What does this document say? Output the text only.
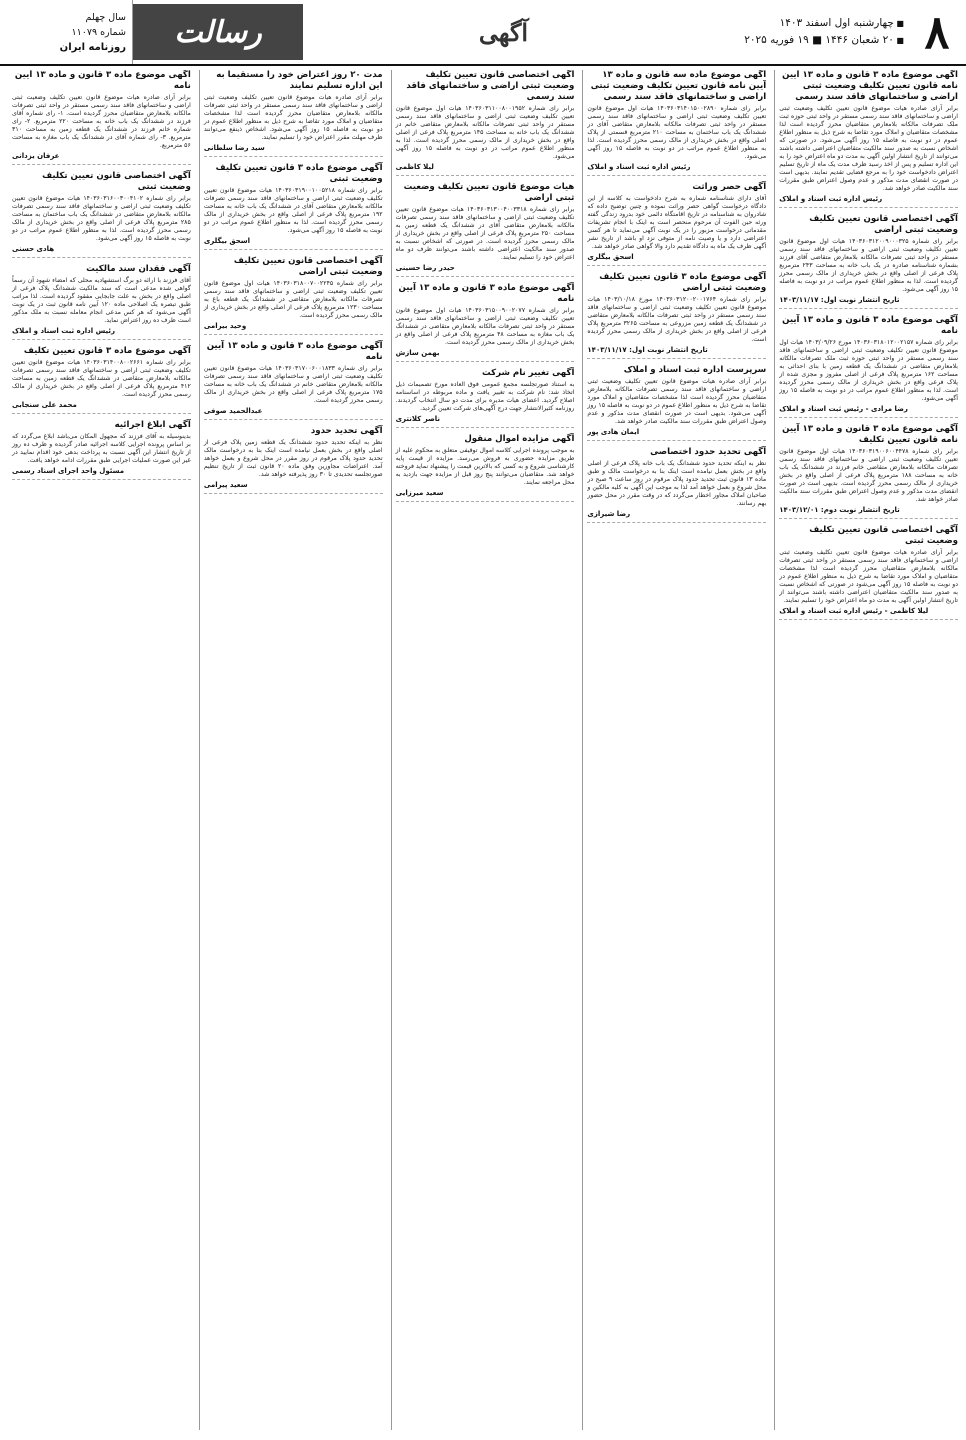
۸
■ چهارشنبه اول اسفند ۱۴۰۳
■ ۲۰ شعبان ۱۴۴۶ ■ ۱۹ فوریه ۲۰۲۵
آگهی
رسالت
سال چهلم
شماره ۱۱۰۷۹
روزنامه ایران
آگهی موضوع ماده ۳ قانون و ماده ۱۳ آیین نامه قانون تعیین تکلیف وضعیت ثبتی اراضی و ساختمانهای فاقد سند رسمی

برابر آرای صادره هیات موضوع قانون تعیین تکلیف وضعیت ثبتی اراضی و ساختمانهای فاقد سند رسمی مستقر در واحد ثبتی حوزه ثبت ملک تصرفات مالکانه بلامعارض متقاضیان محرز گردیده است لذا مشخصات متقاضیان و املاک مورد تقاضا به شرح ذیل به منظور اطلاع عموم در دو نوبت به فاصله ۱۵ روز آگهی می‌شود. در صورتی که اشخاص نسبت به صدور سند مالکیت متقاضیان اعتراضی داشته باشند می‌توانند از تاریخ انتشار اولین آگهی به مدت دو ماه اعتراض خود را به این اداره تسلیم و پس از اخذ رسید ظرف مدت یک ماه از تاریخ تسلیم اعتراض دادخواست خود را به مرجع قضایی تقدیم نمایند. بدیهی است در صورت انقضای مدت مذکور و عدم وصول اعتراض طبق مقررات سند مالکیت صادر خواهد شد.

رئیس اداره ثبت اسناد و املاک
آگهی اختصاصی قانون تعیین تکلیف وضعیت ثبتی اراضی

برابر رای شماره ۱۴۰۳۶۰۳۱۲۰۰۹۰۰۰۳۲۵ هیات اول موضوع قانون تعیین تکلیف وضعیت ثبتی اراضی و ساختمانهای فاقد سند رسمی مستقر در واحد ثبتی تصرفات مالکانه بلامعارض متقاضی آقای فرزند بشماره شناسنامه صادره در یک باب خانه به مساحت ۲۴۳ مترمربع پلاک فرعی از اصلی واقع در بخش خریداری از مالک رسمی محرز گردیده است. لذا به منظور اطلاع عموم مراتب در دو نوبت به فاصله ۱۵ روز آگهی می‌شود.

تاریخ انتشار نوبت اول: ۱۴۰۳/۱۱/۱۷
آگهی موضوع ماده ۳ قانون و ماده ۱۳ آیین نامه

برابر رای شماره ۱۴۰۳۶۰۳۱۸۰۱۲۰۰۲۱۵۷ مورخ ۱۴۰۳/۰۹/۲۶ هیات اول موضوع قانون تعیین تکلیف وضعیت ثبتی اراضی و ساختمانهای فاقد سند رسمی مستقر در واحد ثبتی حوزه ثبت ملک تصرفات مالکانه بلامعارض متقاضی در ششدانگ یک قطعه زمین با بنای احداثی به مساحت ۱۶۲ مترمربع پلاک فرعی از اصلی مفروز و مجزی شده از پلاک فرعی واقع در بخش خریداری از مالک رسمی محرز گردیده است. لذا به منظور اطلاع عموم مراتب در دو نوبت به فاصله ۱۵ روز آگهی می‌شود.

رضا مرادی - رئیس ثبت اسناد و املاک
آگهی موضوع ماده ۳ قانون و ماده ۱۳ آیین نامه قانون تعیین تکلیف

برابر رای شماره ۱۴۰۳۶۰۳۱۹۰۰۶۰۰۴۴۷۸ هیات اول موضوع قانون تعیین تکلیف وضعیت ثبتی اراضی و ساختمانهای فاقد سند رسمی تصرفات مالکانه بلامعارض متقاضی خانم فرزند در ششدانگ یک باب خانه به مساحت ۱۸۸ مترمربع پلاک فرعی از اصلی واقع در بخش خریداری از مالک رسمی محرز گردیده است. بدیهی است در صورت انقضای مدت مذکور و عدم وصول اعتراض طبق مقررات سند مالکیت صادر خواهد شد.

تاریخ انتشار نوبت دوم: ۱۴۰۳/۱۲/۰۱
آگهی اختصاصی قانون تعیین تکلیف وضعیت ثبتی

برابر آرای صادره هیات موضوع قانون تعیین تکلیف وضعیت ثبتی اراضی و ساختمانهای فاقد سند رسمی مستقر در واحد ثبتی تصرفات مالکانه بلامعارض متقاضیان محرز گردیده است لذا مشخصات متقاضیان و املاک مورد تقاضا به شرح ذیل به منظور اطلاع عموم در دو نوبت به فاصله ۱۵ روز آگهی می‌شود در صورتی که اشخاص نسبت به صدور سند مالکیت متقاضیان اعتراضی داشته باشند می‌توانند از تاریخ انتشار اولین آگهی به مدت دو ماه اعتراض خود را تسلیم نمایند.

لیلا کاظمی - رئیس اداره ثبت اسناد و املاک
آگهی موضوع ماده سه قانون و ماده ۱۳ آیین نامه قانون تعیین تکلیف وضعیت ثبتی اراضی و ساختمانهای فاقد سند رسمی

برابر رای شماره ۱۴۰۳۶۰۳۱۴۰۱۵۰۰۲۸۹۰ هیات اول موضوع قانون تعیین تکلیف وضعیت ثبتی اراضی و ساختمانهای فاقد سند رسمی مستقر در واحد ثبتی تصرفات مالکانه بلامعارض متقاضی آقای در ششدانگ یک باب ساختمان به مساحت ۲۱۰ مترمربع قسمتی از پلاک اصلی واقع در بخش خریداری از مالک رسمی محرز گردیده است. لذا به منظور اطلاع عموم مراتب در دو نوبت به فاصله ۱۵ روز آگهی می‌شود.

رئیس اداره ثبت اسناد و املاک
آگهی حصر وراثت

آقای دارای شناسنامه شماره به شرح دادخواست به کلاسه از این دادگاه درخواست گواهی حصر وراثت نموده و چنین توضیح داده که شادروان به شناسنامه در تاریخ اقامتگاه دائمی خود بدرود زندگی گفته ورثه حین الفوت آن مرحوم منحصر است به اینک با انجام تشریفات مقدماتی درخواست مزبور را در یک نوبت آگهی می‌نماید تا هر کسی اعتراضی دارد و یا وصیت نامه از متوفی نزد او باشد از تاریخ نشر آگهی ظرف یک ماه به دادگاه تقدیم دارد والا گواهی صادر خواهد شد.

اسحق بیگلری
آگهی موضوع ماده ۳ قانون تعیین تکلیف وضعیت ثبتی اراضی

برابر رای شماره ۱۴۰۳۶۰۳۱۲۰۰۲۰۰۱۷۶۴ مورخ ۱۴۰۳/۱۰/۱۸ هیات موضوع قانون تعیین تکلیف وضعیت ثبتی اراضی و ساختمانهای فاقد سند رسمی مستقر در واحد ثبتی تصرفات مالکانه بلامعارض متقاضی در ششدانگ یک قطعه زمین مزروعی به مساحت ۳۲۶۵ مترمربع پلاک فرعی از اصلی واقع در بخش خریداری از مالک رسمی محرز گردیده است.

تاریخ انتشار نوبت اول: ۱۴۰۳/۱۱/۱۷
سرپرست اداره ثبت اسناد و املاک

برابر آرای صادره هیات موضوع قانون تعیین تکلیف وضعیت ثبتی اراضی و ساختمانهای فاقد سند رسمی تصرفات مالکانه بلامعارض متقاضیان محرز گردیده است لذا مشخصات متقاضیان و املاک مورد تقاضا به شرح ذیل به منظور اطلاع عموم در دو نوبت به فاصله ۱۵ روز آگهی می‌شود. بدیهی است در صورت انقضای مدت مذکور و عدم وصول اعتراض طبق مقررات سند مالکیت صادر خواهد شد.

ایمان هادی پور
آگهی تحدید حدود اختصاصی

نظر به اینکه تحدید حدود ششدانگ یک باب خانه پلاک فرعی از اصلی واقع در بخش بعمل نیامده است اینک بنا به درخواست مالک و طبق ماده ۱۳ قانون ثبت تحدید حدود پلاک مرقوم در روز ساعت ۹ صبح در محل شروع و بعمل خواهد آمد لذا به موجب این آگهی به کلیه مالکین و صاحبان املاک مجاور اخطار می‌گردد که در وقت مقرر در محل حضور بهم رسانند.

رضا شیرازی
آگهی اختصاصی قانون تعیین تکلیف وضعیت ثبتی اراضی و ساختمانهای فاقد سند رسمی

برابر رای شماره ۱۴۰۳۶۰۳۱۱۰۰۸۰۰۱۹۵۲ هیات اول موضوع قانون تعیین تکلیف وضعیت ثبتی اراضی و ساختمانهای فاقد سند رسمی مستقر در واحد ثبتی تصرفات مالکانه بلامعارض متقاضی خانم در ششدانگ یک باب خانه به مساحت ۱۴۵ مترمربع پلاک فرعی از اصلی واقع در بخش خریداری از مالک رسمی محرز گردیده است. لذا به منظور اطلاع عموم مراتب در دو نوبت به فاصله ۱۵ روز آگهی می‌شود.

لیلا کاظمی
هیات موضوع قانون تعیین تکلیف وضعیت ثبتی اراضی

برابر رای شماره ۱۴۰۳۶۰۳۱۳۰۰۴۰۰۳۳۱۸ هیات موضوع قانون تعیین تکلیف وضعیت ثبتی اراضی و ساختمانهای فاقد سند رسمی تصرفات مالکانه بلامعارض متقاضی آقای در ششدانگ یک قطعه زمین به مساحت ۲۵۰ مترمربع پلاک فرعی از اصلی واقع در بخش خریداری از مالک رسمی محرز گردیده است. در صورتی که اشخاص نسبت به صدور سند مالکیت اعتراضی داشته باشند می‌توانند ظرف دو ماه اعتراض خود را تسلیم نمایند.

حیدر رضا حسینی
آگهی موضوع ماده ۳ قانون و ماده ۱۳ آیین نامه

برابر رای شماره ۱۴۰۳۶۰۳۱۵۰۰۹۰۰۲۰۷۷ هیات اول موضوع قانون تعیین تکلیف وضعیت ثبتی اراضی و ساختمانهای فاقد سند رسمی مستقر در واحد ثبتی تصرفات مالکانه بلامعارض متقاضی در ششدانگ یک باب مغازه به مساحت ۴۸ مترمربع پلاک فرعی از اصلی واقع در بخش خریداری از مالک رسمی محرز گردیده است.

بهمن سازش
آگهی تغییر نام شرکت

به استناد صورتجلسه مجمع عمومی فوق العاده مورخ تصمیمات ذیل اتخاذ شد: نام شرکت به تغییر یافت و ماده مربوطه در اساسنامه اصلاح گردید. اعضای هیات مدیره برای مدت دو سال انتخاب گردیدند. روزنامه کثیرالانتشار جهت درج آگهی‌های شرکت تعیین گردید.

ناصر کلانتری
آگهی مزایده اموال منقول

به موجب پرونده اجرایی کلاسه اموال توقیفی متعلق به محکوم علیه از طریق مزایده حضوری به فروش می‌رسد. مزایده از قیمت پایه کارشناسی شروع و به کسی که بالاترین قیمت را پیشنهاد نماید فروخته خواهد شد. متقاضیان می‌توانند پنج روز قبل از مزایده جهت بازدید به محل مراجعه نمایند.

سعید میرزایی
مدت ۲۰ روز اعتراض خود را مستقیما به این اداره تسلیم نمایند

برابر آرای صادره هیات موضوع قانون تعیین تکلیف وضعیت ثبتی اراضی و ساختمانهای فاقد سند رسمی مستقر در واحد ثبتی تصرفات مالکانه بلامعارض متقاضیان محرز گردیده است لذا مشخصات متقاضیان و املاک مورد تقاضا به شرح ذیل به منظور اطلاع عموم در دو نوبت به فاصله ۱۵ روز آگهی می‌شود. اشخاص ذینفع می‌توانند ظرف مهلت مقرر اعتراض خود را تسلیم نمایند.

سید رضا سلطانی
آگهی موضوع ماده ۳ قانون تعیین تکلیف وضعیت ثبتی

برابر رای شماره ۱۴۰۳۶۰۳۱۹۰۰۱۰۰۵۲۱۸ هیات موضوع قانون تعیین تکلیف وضعیت ثبتی اراضی و ساختمانهای فاقد سند رسمی تصرفات مالکانه بلامعارض متقاضی آقای در ششدانگ یک باب خانه به مساحت ۱۹۲ مترمربع پلاک فرعی از اصلی واقع در بخش خریداری از مالک رسمی محرز گردیده است. لذا به منظور اطلاع عموم مراتب در دو نوبت به فاصله ۱۵ روز آگهی می‌شود.

اسحق بیگلری
آگهی اختصاصی قانون تعیین تکلیف وضعیت ثبتی اراضی

برابر رای شماره ۱۴۰۳۶۰۳۱۸۰۰۷۰۰۲۲۴۵ هیات اول موضوع قانون تعیین تکلیف وضعیت ثبتی اراضی و ساختمانهای فاقد سند رسمی تصرفات مالکانه بلامعارض متقاضی در ششدانگ یک قطعه باغ به مساحت ۱۲۳۰ مترمربع پلاک فرعی از اصلی واقع در بخش خریداری از مالک رسمی محرز گردیده است.

وحید بیرامی
آگهی موضوع ماده ۳ قانون و ماده ۱۳ آیین نامه

برابر رای شماره ۱۴۰۳۶۰۳۱۷۰۰۶۰۰۱۸۳۳ هیات موضوع قانون تعیین تکلیف وضعیت ثبتی اراضی و ساختمانهای فاقد سند رسمی تصرفات مالکانه بلامعارض متقاضی خانم در ششدانگ یک باب خانه به مساحت ۱۷۵ مترمربع پلاک فرعی از اصلی واقع در بخش خریداری از مالک رسمی محرز گردیده است.

عبدالحمید صوفی
آگهی تحدید حدود

نظر به اینکه تحدید حدود ششدانگ یک قطعه زمین پلاک فرعی از اصلی واقع در بخش بعمل نیامده است اینک بنا به درخواست مالک تحدید حدود پلاک مرقوم در روز مقرر در محل شروع و بعمل خواهد آمد. اعتراضات مجاورین وفق ماده ۲۰ قانون ثبت از تاریخ تنظیم صورتجلسه تحدیدی تا ۳۰ روز پذیرفته خواهد شد.

سعید پیرامی
آگهی موضوع ماده ۳ قانون و ماده ۱۳ آیین نامه

برابر آرای صادره هیات موضوع قانون تعیین تکلیف وضعیت ثبتی اراضی و ساختمانهای فاقد سند رسمی مستقر در واحد ثبتی تصرفات مالکانه بلامعارض متقاضیان محرز گردیده است. ۱- رای شماره آقای فرزند در ششدانگ یک باب خانه به مساحت ۲۲۰ مترمربع. ۲- رای شماره خانم فرزند در ششدانگ یک قطعه زمین به مساحت ۳۱۰ مترمربع. ۳- رای شماره آقای در ششدانگ یک باب مغازه به مساحت ۵۶ مترمربع.

عرفان یزدانی
آگهی اختصاصی قانون تعیین تکلیف وضعیت ثبتی

برابر رای شماره ۱۴۰۳۶۰۳۱۶۰۰۳۰۰۴۱۰۲ هیات موضوع قانون تعیین تکلیف وضعیت ثبتی اراضی و ساختمانهای فاقد سند رسمی تصرفات مالکانه بلامعارض متقاضی در ششدانگ یک باب ساختمان به مساحت ۲۸۵ مترمربع پلاک فرعی از اصلی واقع در بخش خریداری از مالک رسمی محرز گردیده است. لذا به منظور اطلاع عموم مراتب در دو نوبت به فاصله ۱۵ روز آگهی می‌شود.

هادی حسنی
آگهی فقدان سند مالکیت

آقای فرزند با ارائه دو برگ استشهادیه محلی که امضاء شهود آن رسماً گواهی شده مدعی است که سند مالکیت ششدانگ پلاک فرعی از اصلی واقع در بخش به علت جابجایی مفقود گردیده است. لذا مراتب طبق تبصره یک اصلاحی ماده ۱۲۰ آیین نامه قانون ثبت در یک نوبت آگهی می‌شود که هر کس مدعی انجام معامله نسبت به ملک مذکور است ظرف ده روز اعتراض نماید.

رئیس اداره ثبت اسناد و املاک
آگهی موضوع ماده ۳ قانون تعیین تکلیف

برابر رای شماره ۱۴۰۳۶۰۳۱۴۰۰۸۰۰۲۶۶۱ هیات موضوع قانون تعیین تکلیف وضعیت ثبتی اراضی و ساختمانهای فاقد سند رسمی تصرفات مالکانه بلامعارض متقاضی در ششدانگ یک قطعه زمین به مساحت ۴۱۲ مترمربع پلاک فرعی از اصلی واقع در بخش خریداری از مالک رسمی محرز گردیده است.

محمد علی سنجابی
آگهی ابلاغ اجرائیه

بدینوسیله به آقای فرزند که مجهول المکان می‌باشد ابلاغ می‌گردد که بر اساس پرونده اجرایی کلاسه اجرائیه صادر گردیده و ظرف ده روز از تاریخ انتشار این آگهی نسبت به پرداخت بدهی خود اقدام نمایید در غیر این صورت عملیات اجرایی طبق مقررات ادامه خواهد یافت.

مسئول واحد اجرای اسناد رسمی
